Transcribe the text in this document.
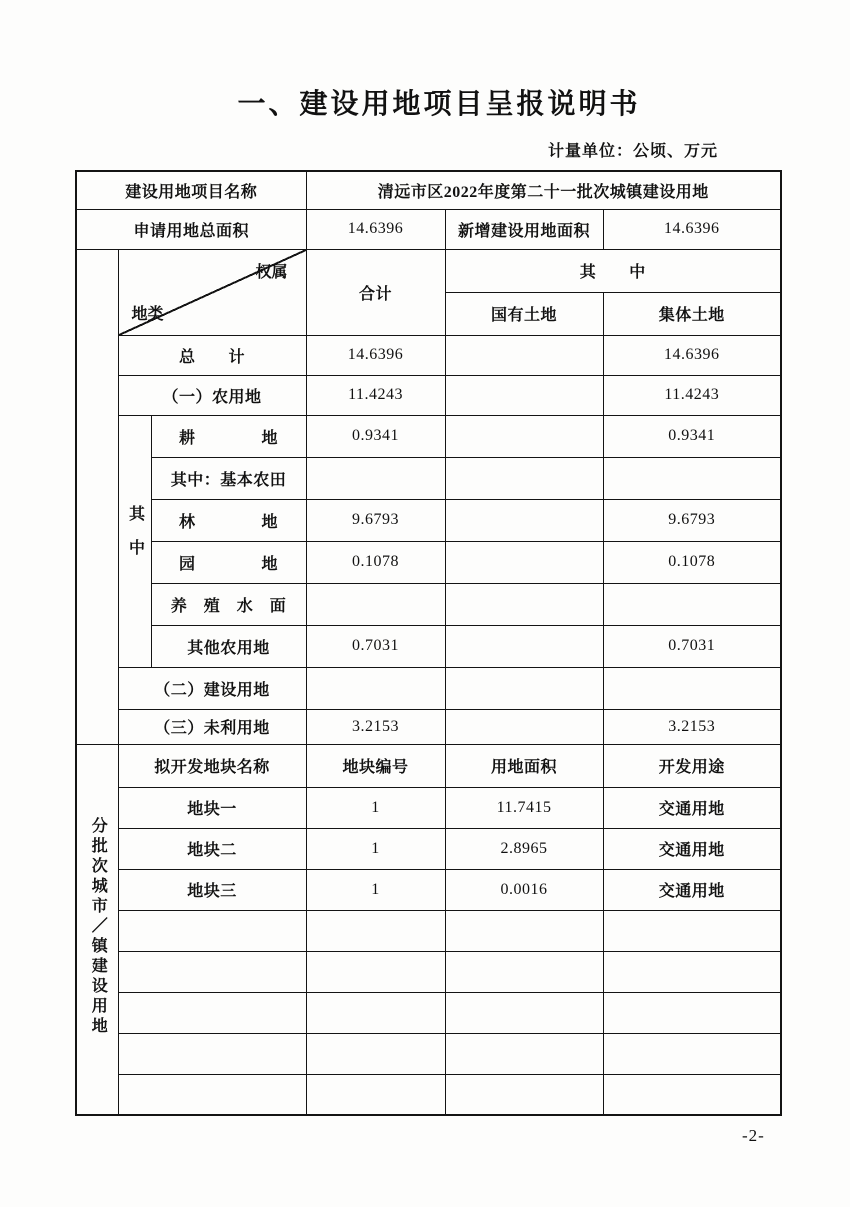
一、建设用地项目呈报说明书
计量单位：公顷、万元
建设用地项目名称			清远市区2022年度第二十一批次城镇建设用地		
申请用地总面积			14.6396	新增建设用地面积	14.6396

	权属
地类		合计	其　　中	
				国有土地	集体土地
	总　　计		14.6396		14.6396
	（一）农用地		11.4243		11.4243
	其中	耕　　　　地	0.9341		0.9341
		其中：基本农田			
		林　　　　地	9.6793		9.6793
		园　　　　地	0.1078		0.1078
		养　殖　水　面			
		其他农用地	0.7031		0.7031
	（二）建设用地				
	（三）未利用地		3.2153		3.2153
分批次城市／镇建设用地	拟开发地块名称		地块编号	用地面积	开发用途
	地块一		1	11.7415	交通用地
	地块二		1	2.8965	交通用地
	地块三		1	0.0016	交通用地

-2-
